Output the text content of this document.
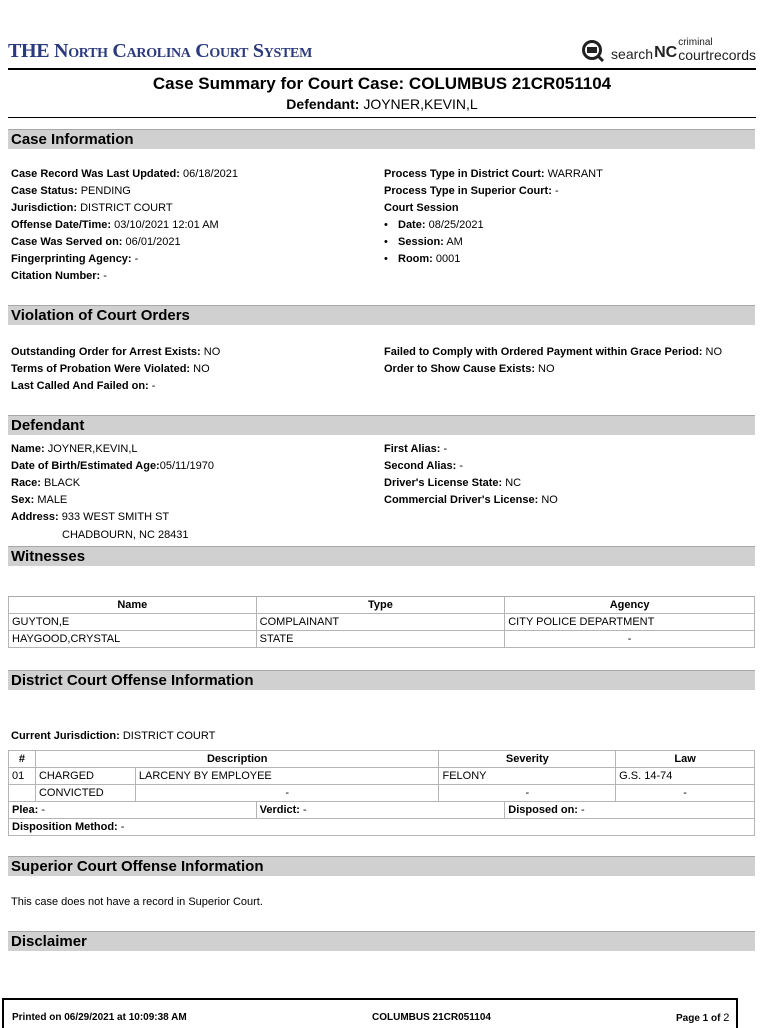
THE North Carolina Court System	search NC
criminal
courtrecords
Case Summary for Court Case: COLUMBUS 21CR051104
Defendant: JOYNER,KEVIN,L
Case Information
Case Record Was Last Updated: 06/18/2021
Case Status: PENDING
Jurisdiction: DISTRICT COURT
Offense Date/Time: 03/10/2021 12:01 AM
Case Was Served on: 06/01/2021
Fingerprinting Agency: -
Citation Number: -
Process Type in District Court: WARRANT
Process Type in Superior Court: -
Court Session
• Date: 08/25/2021
• Session: AM
• Room: 0001
Violation of Court Orders
Outstanding Order for Arrest Exists: NO
Terms of Probation Were Violated: NO
Last Called And Failed on: -
Failed to Comply with Ordered Payment within Grace Period: NO
Order to Show Cause Exists: NO
Defendant
Name: JOYNER,KEVIN,L
Date of Birth/Estimated Age:05/11/1970
Race: BLACK
Sex: MALE
Address: 933 WEST SMITH ST
CHADBOURN, NC 28431
First Alias: -
Second Alias: -
Driver's License State: NC
Commercial Driver's License: NO
Witnesses
Name	Type	Agency
GUYTON,E	COMPLAINANT	CITY POLICE DEPARTMENT
HAYGOOD,CRYSTAL	STATE	-
District Court Offense Information
Current Jurisdiction: DISTRICT COURT
#	Description		Severity	Law
01	CHARGED	LARCENY BY EMPLOYEE	FELONY	G.S. 14-74
	CONVICTED	-	-	-
Plea: -	Verdict: -	Disposed on: -
Disposition Method: -
Superior Court Offense Information
This case does not have a record in Superior Court.
Disclaimer
Printed on 06/29/2021 at 10:09:38 AM	COLUMBUS 21CR051104	Page 1 of 2
